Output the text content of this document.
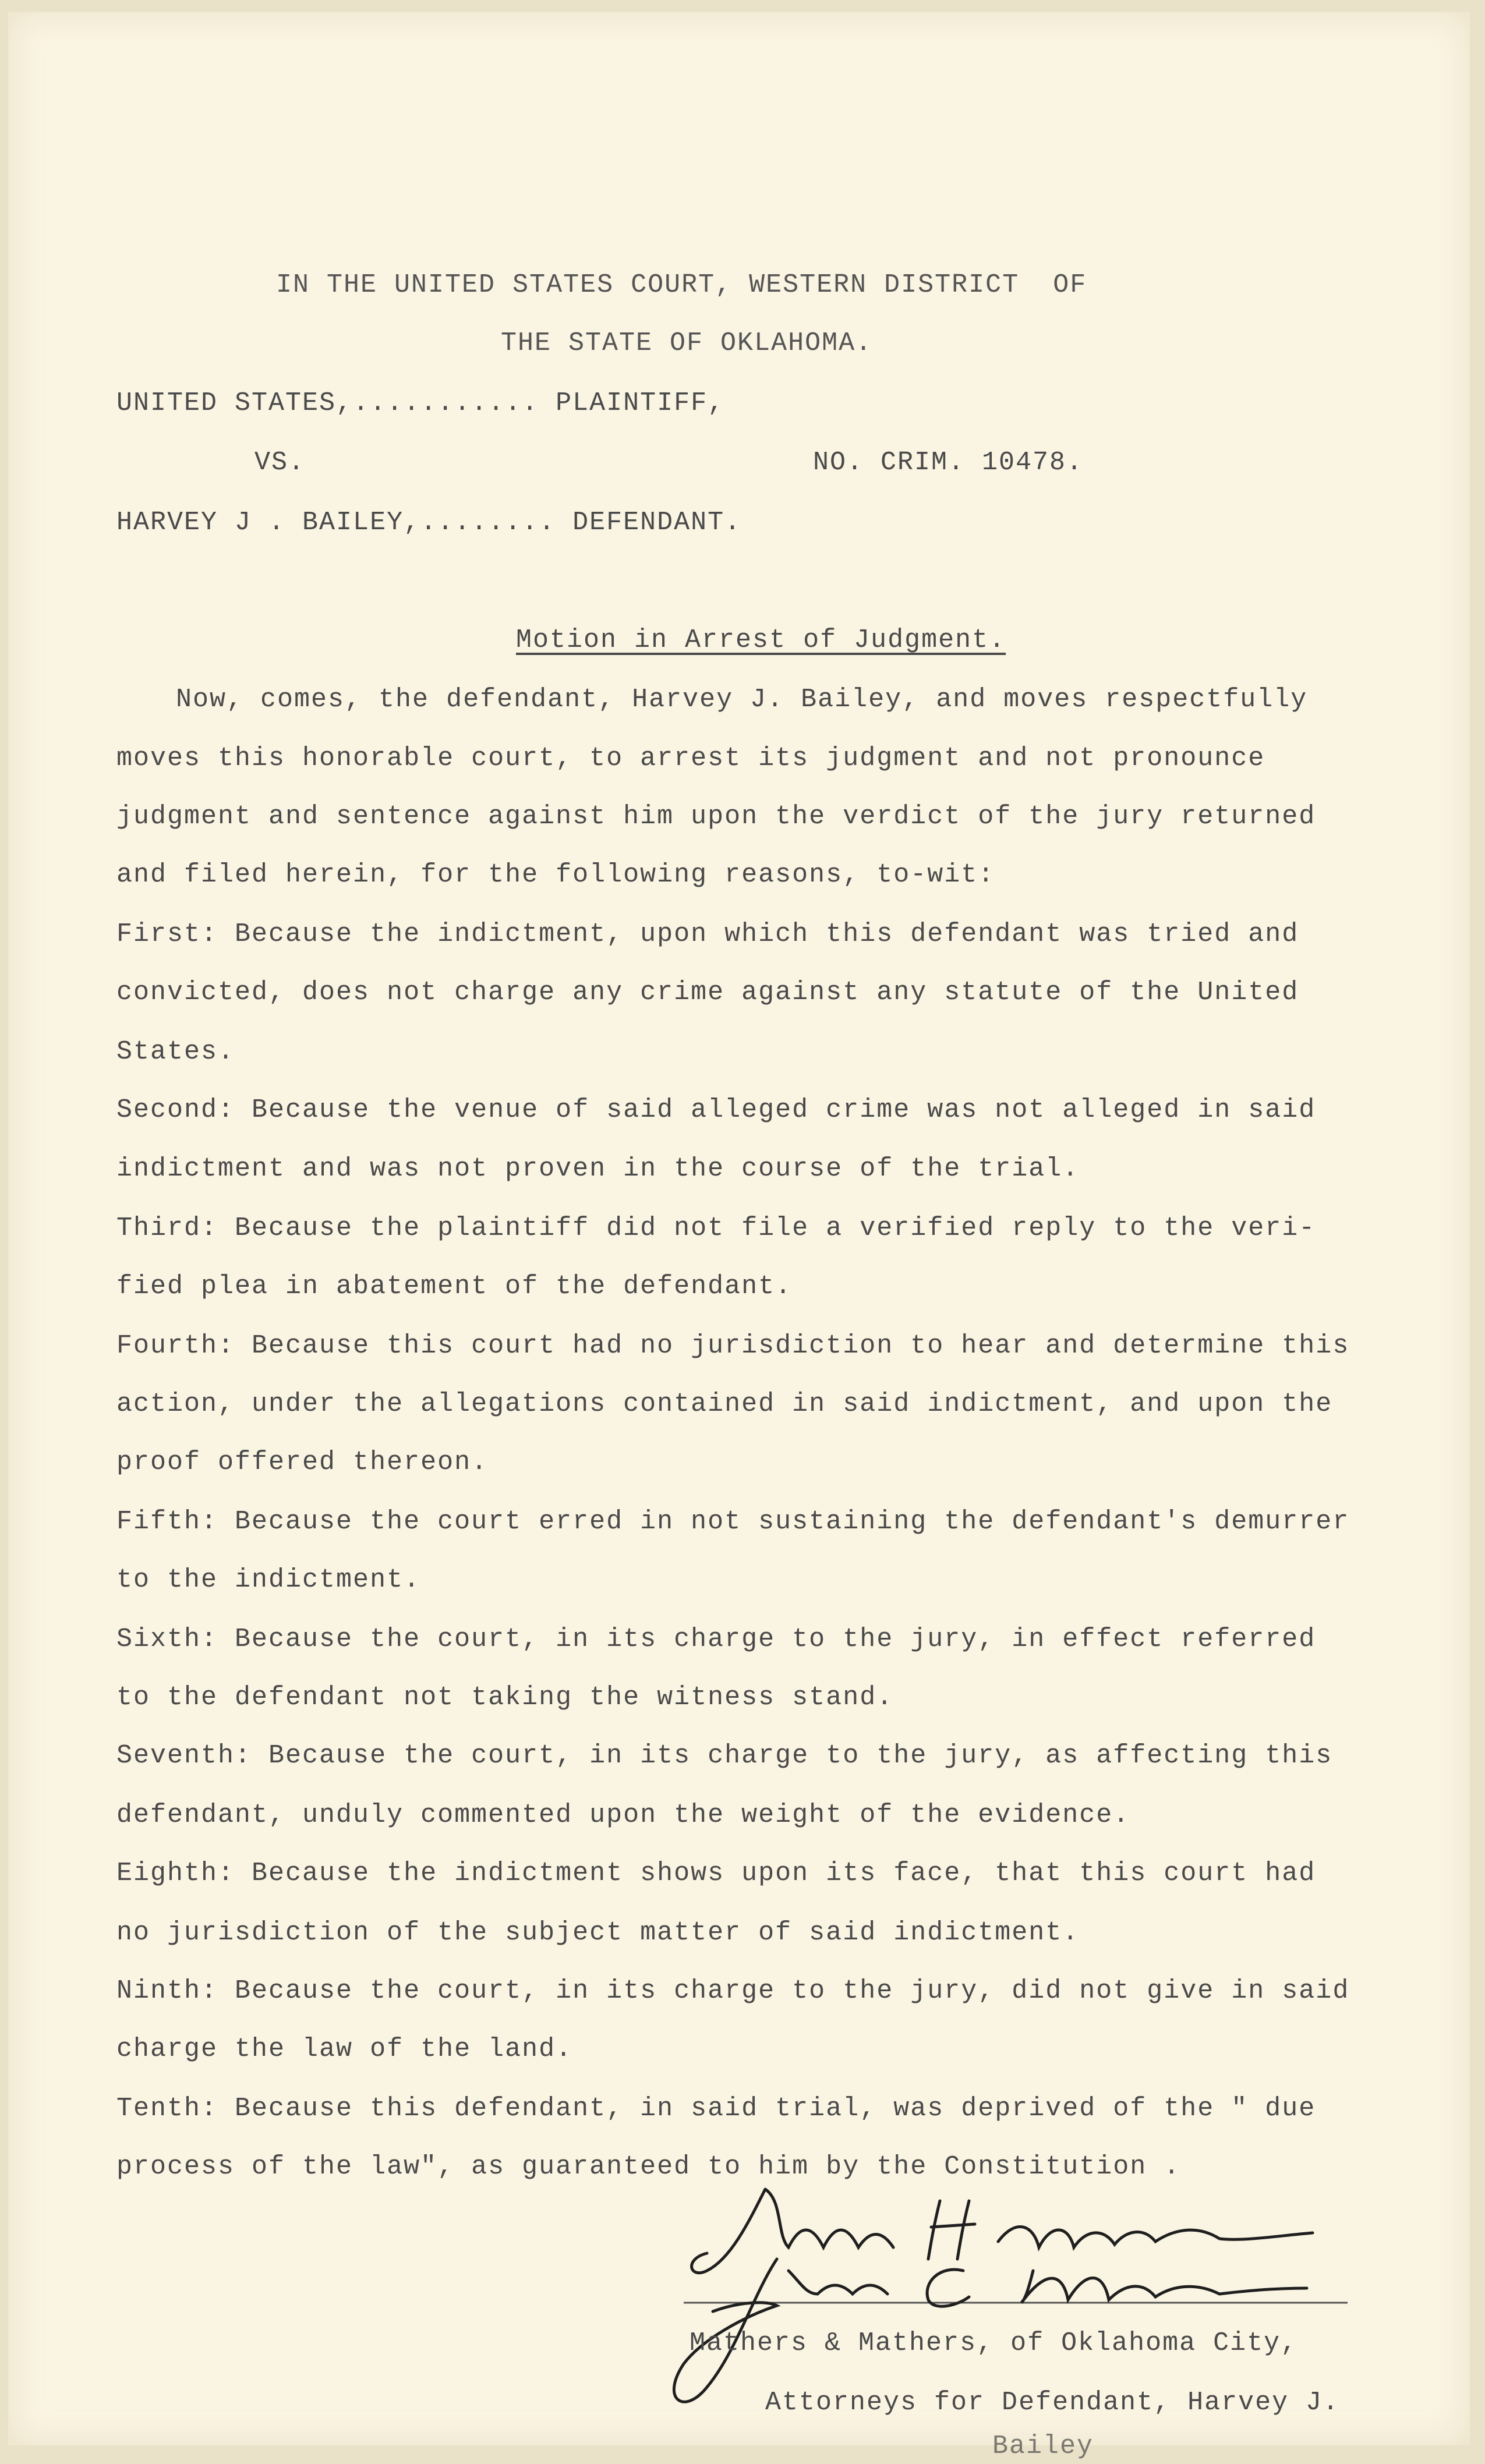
IN THE UNITED STATES COURT, WESTERN DISTRICT  OF
THE STATE OF OKLAHOMA.
UNITED STATES,........... PLAINTIFF,
VS.	NO. CRIM. 10478.
HARVEY J . BAILEY,........ DEFENDANT.
Motion in Arrest of Judgment.
Now, comes, the defendant, Harvey J. Bailey, and moves respectfully
moves this honorable court, to arrest its judgment and not pronounce
judgment and sentence against him upon the verdict of the jury returned
and filed herein, for the following reasons, to-wit:
First: Because the indictment, upon which this defendant was tried and
convicted, does not charge any crime against any statute of the United
States.
Second: Because the venue of said alleged crime was not alleged in said
indictment and was not proven in the course of the trial.
Third: Because the plaintiff did not file a verified reply to the veri-
fied plea in abatement of the defendant.
Fourth: Because this court had no jurisdiction to hear and determine this
action, under the allegations contained in said indictment, and upon the
proof offered thereon.
Fifth: Because the court erred in not sustaining the defendant's demurrer
to the indictment.
Sixth: Because the court, in its charge to the jury, in effect referred
to the defendant not taking the witness stand.
Seventh: Because the court, in its charge to the jury, as affecting this
defendant, unduly commented upon the weight of the evidence.
Eighth: Because the indictment shows upon its face, that this court had
no jurisdiction of the subject matter of said indictment.
Ninth: Because the court, in its charge to the jury, did not give in said
charge the law of the land.
Tenth: Because this defendant, in said trial, was deprived of the " due
process of the law", as guaranteed to him by the Constitution .
Mathers & Mathers, of Oklahoma City,
Attorneys for Defendant, Harvey J.
Bailey
